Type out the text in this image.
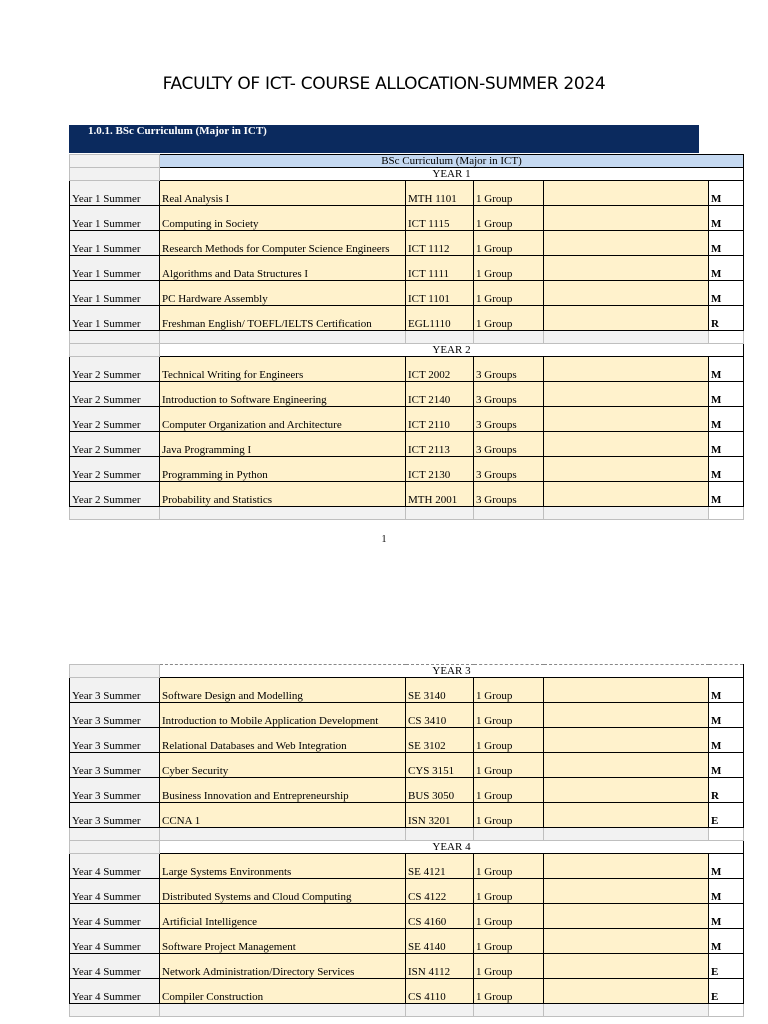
FACULTY OF ICT- COURSE ALLOCATION-SUMMER 2024
1.0.1. BSc Curriculum (Major in ICT)
	BSc Curriculum (Major in ICT)				
	YEAR 1				
Year 1 Summer	Real Analysis I	MTH 1101	1 Group		M
Year 1 Summer	Computing in Society	ICT 1115	1 Group		M
Year 1 Summer	Research Methods for Computer Science Engineers	ICT 1112	1 Group		M
Year 1 Summer	Algorithms and Data Structures I	ICT 1111	1 Group		M
Year 1 Summer	PC Hardware Assembly	ICT 1101	1 Group		M
Year 1 Summer	Freshman English/ TOEFL/IELTS Certification	EGL1110	1 Group		R

	YEAR 2				
Year 2 Summer	Technical Writing for Engineers	ICT 2002	3 Groups		M
Year 2 Summer	Introduction to Software Engineering	ICT 2140	3 Groups		M
Year 2 Summer	Computer Organization and Architecture	ICT 2110	3 Groups		M
Year 2 Summer	Java Programming I	ICT 2113	3 Groups		M
Year 2 Summer	Programming in Python	ICT 2130	3 Groups		M
Year 2 Summer	Probability and Statistics	MTH 2001	3 Groups		M

1
	YEAR 3				
Year 3 Summer	Software Design and Modelling	SE 3140	1 Group		M
Year 3 Summer	Introduction to Mobile Application Development	CS 3410	1 Group		M
Year 3 Summer	Relational Databases and Web Integration	SE 3102	1 Group		M
Year 3 Summer	Cyber Security	CYS 3151	1 Group		M
Year 3 Summer	Business Innovation and Entrepreneurship	BUS 3050	1 Group		R
Year 3 Summer	CCNA 1	ISN 3201	1 Group		E

	YEAR 4				
Year 4 Summer	Large Systems Environments	SE 4121	1 Group		M
Year 4 Summer	Distributed Systems and Cloud Computing	CS 4122	1 Group		M
Year 4 Summer	Artificial Intelligence	CS 4160	1 Group		M
Year 4 Summer	Software Project Management	SE 4140	1 Group		M
Year 4 Summer	Network Administration/Directory Services	ISN 4112	1 Group		E
Year 4 Summer	Compiler Construction	CS 4110	1 Group		E
